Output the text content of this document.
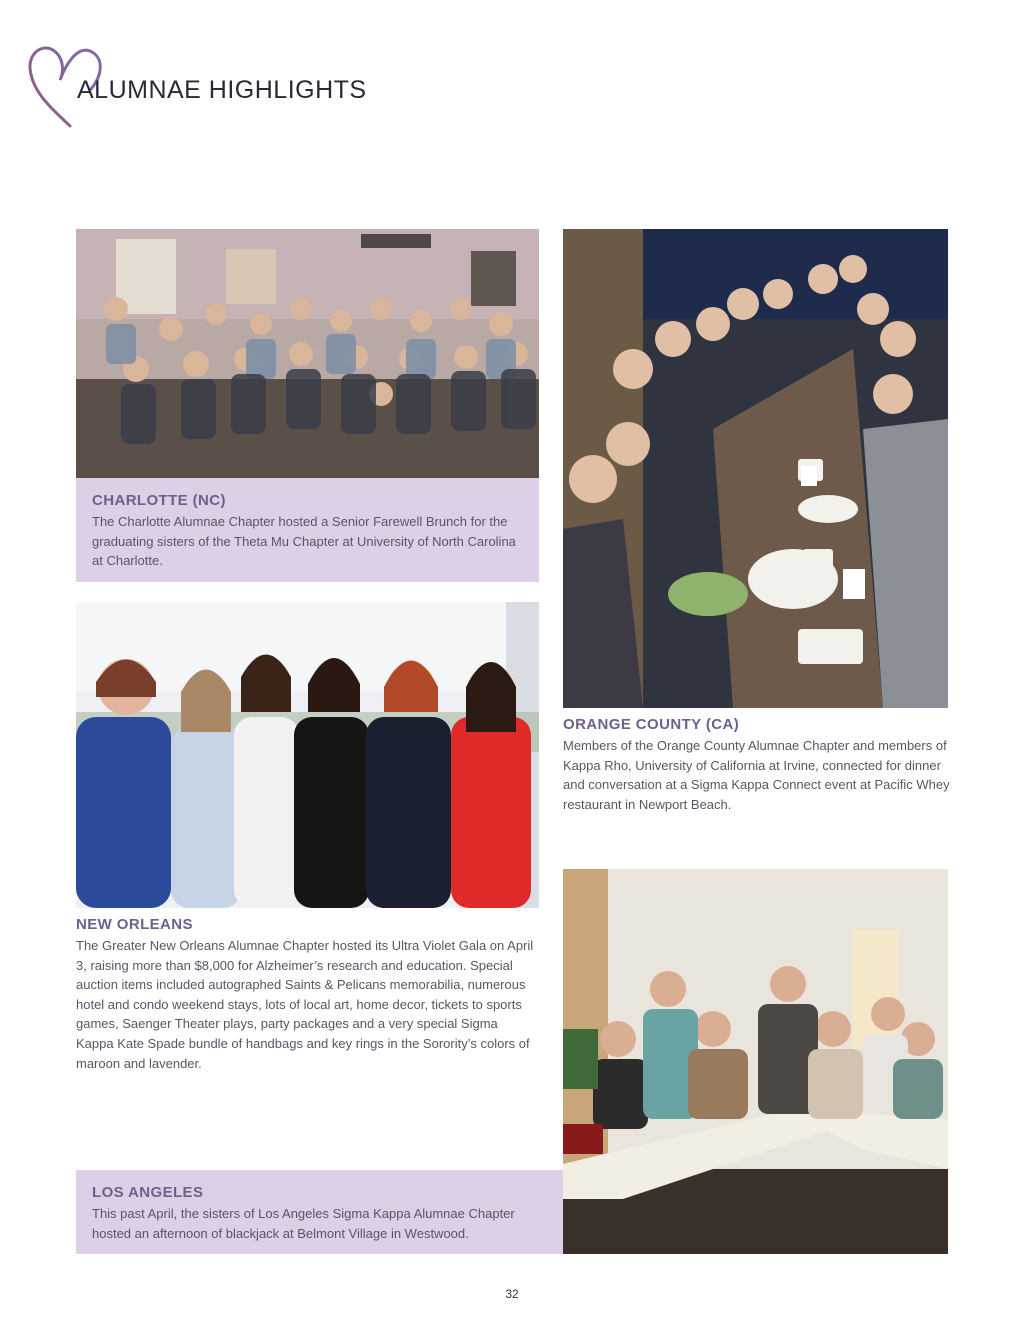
ALUMNAE HIGHLIGHTS
CHARLOTTE (NC)
The Charlotte Alumnae Chapter hosted a Senior Farewell Brunch for the graduating sisters of the Theta Mu Chapter at University of North Carolina at Charlotte.
ORANGE COUNTY (CA)
Members of the Orange County Alumnae Chapter and members of Kappa Rho, University of California at Irvine, connected for dinner and conversation at a Sigma Kappa Connect event at Pacific Whey restaurant in Newport Beach.
NEW ORLEANS
The Greater New Orleans Alumnae Chapter hosted its Ultra Violet Gala on April 3, raising more than $8,000 for Alzheimer’s research and education. Special auction items included autographed Saints & Pelicans memorabilia, numerous hotel and condo weekend stays, lots of local art, home decor, tickets to sports games, Saenger Theater plays, party packages and a very special Sigma Kappa Kate Spade bundle of handbags and key rings in the Sorority’s colors of maroon and lavender.
LOS ANGELES
This past April, the sisters of Los Angeles Sigma Kappa Alumnae Chapter hosted an afternoon of blackjack at Belmont Village in Westwood.
32
